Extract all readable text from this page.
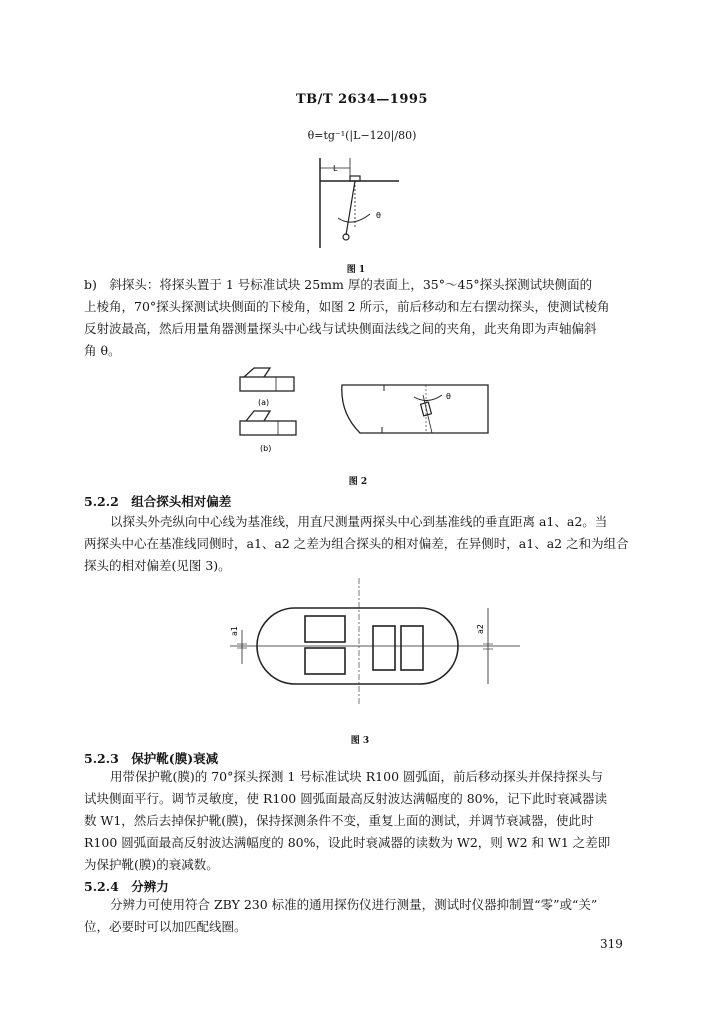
TB/T 2634—1995
θ=tg⁻¹(|L−120|/80)
L
θ
图 1
b)　斜探头：将探头置于 1 号标准试块 25mm 厚的表面上，35°～45°探头探测试块侧面的
上棱角，70°探头探测试块侧面的下棱角，如图 2 所示，前后移动和左右摆动探头，使测试棱角
反射波最高，然后用量角器测量探头中心线与试块侧面法线之间的夹角，此夹角即为声轴偏斜
角 θ。
(a)
(b)
θ
图 2
5.2.2　组合探头相对偏差
以探头外壳纵向中心线为基准线，用直尺测量两探头中心到基准线的垂直距离 a1、a2。当
两探头中心在基准线同侧时，a1、a2 之差为组合探头的相对偏差，在异侧时，a1、a2 之和为组合
探头的相对偏差(见图 3)。
a1	a2
图 3
5.2.3　保护靴(膜)衰减
用带保护靴(膜)的 70°探头探测 1 号标准试块 R100 圆弧面，前后移动探头并保持探头与
试块侧面平行。调节灵敏度，使 R100 圆弧面最高反射波达满幅度的 80%，记下此时衰减器读
数 W1，然后去掉保护靴(膜)，保持探测条件不变，重复上面的测试，并调节衰减器，使此时
R100 圆弧面最高反射波达满幅度的 80%，设此时衰减器的读数为 W2，则 W2 和 W1 之差即
为保护靴(膜)的衰减数。
5.2.4　分辨力
分辨力可使用符合 ZBY 230 标准的通用探伤仪进行测量，测试时仪器抑制置“零”或“关”
位，必要时可以加匹配线圈。
319
